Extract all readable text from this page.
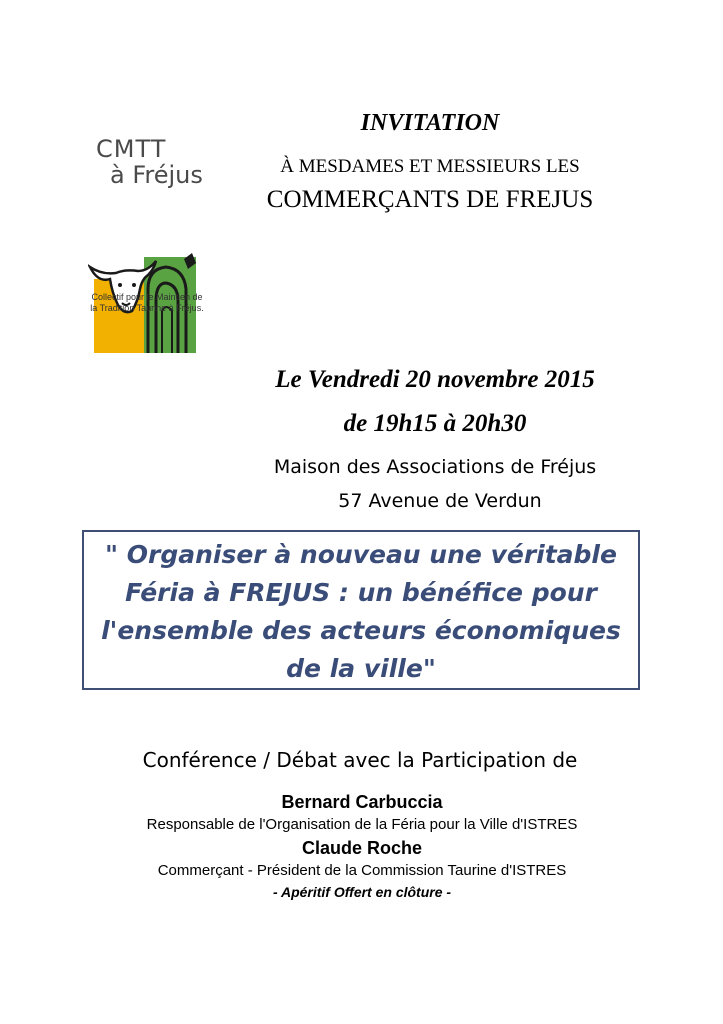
CMTT
à Fréjus
Collectif pour le Maintien de
la Tradition Taurine à Fréjus.
INVITATION
À MESDAMES ET MESSIEURS LES
COMMERÇANTS DE FREJUS
Le Vendredi 20 novembre 2015
de 19h15 à 20h30
Maison des Associations de Fréjus
57 Avenue de Verdun
" Organiser à nouveau une véritable
Féria à FREJUS : un bénéfice pour
l'ensemble des acteurs économiques
de la ville"
Conférence / Débat avec la Participation de
Bernard Carbuccia
Responsable de l'Organisation de la Féria pour la Ville d'ISTRES
Claude Roche
Commerçant - Président de la Commission Taurine d'ISTRES
- Apéritif Offert en clôture -
